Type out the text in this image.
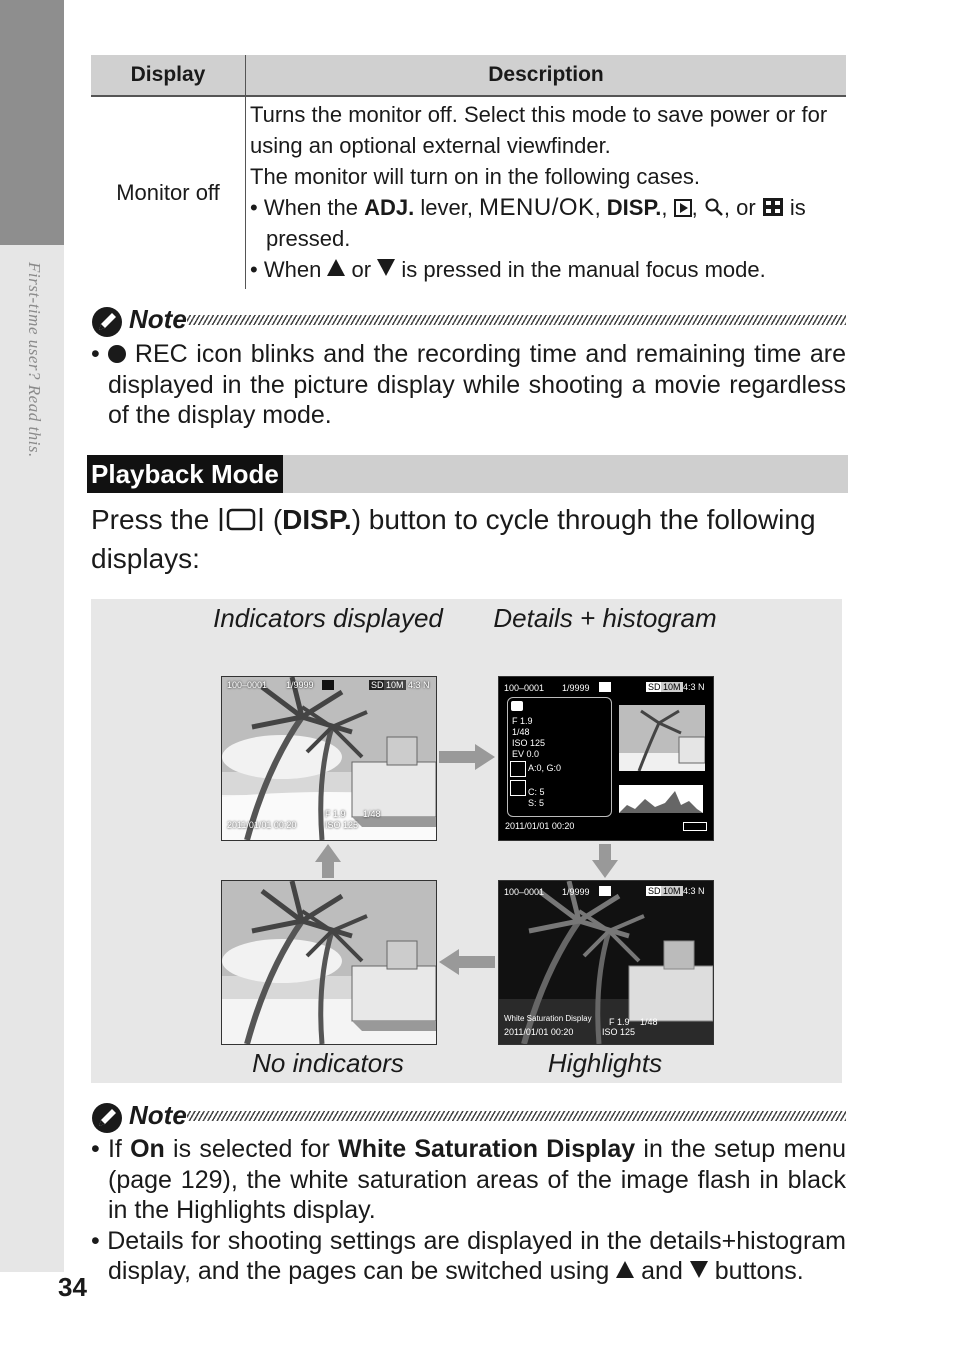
First-time user? Read this.
34
Display	Description
Monitor off	Turns the monitor off. Select this mode to save power or for using an optional external viewfinder.
The monitor will turn on in the following cases.
• When the ADJ. lever, MENU/OK, DISP.,
, , or  is pressed.
• When  or  is pressed in the manual focus mode.
Note
•  REC icon blinks and the recording time and remaining time are displayed in the picture display while shooting a movie regardless of the display mode.
Playback Mode
Press the  (DISP.) button to cycle through the following displays:
Indicators displayed	Details + histogram
No indicators	Highlights
100–0001 1/9999	SD 10M 4:3 N
F 1.9 1/48
2011/01/01 00:20	ISO 125
100–0001 1/9999	SD 10M 4:3 N
F 1.9
1/48
ISO 125
EV 0.0
A:0, G:0
C: 5
S: 5
2011/01/01 00:20
100–0001 1/9999	SD 10M 4:3 N
White Saturation Display F 1.9 1/48
2011/01/01 00:20	ISO 125
Note
• If On is selected for White Saturation Display in the setup menu (page 129), the white saturation areas of the image flash in black in the Highlights display.
• Details for shooting settings are displayed in the details+histogram display, and the pages can be switched using  and  buttons.
